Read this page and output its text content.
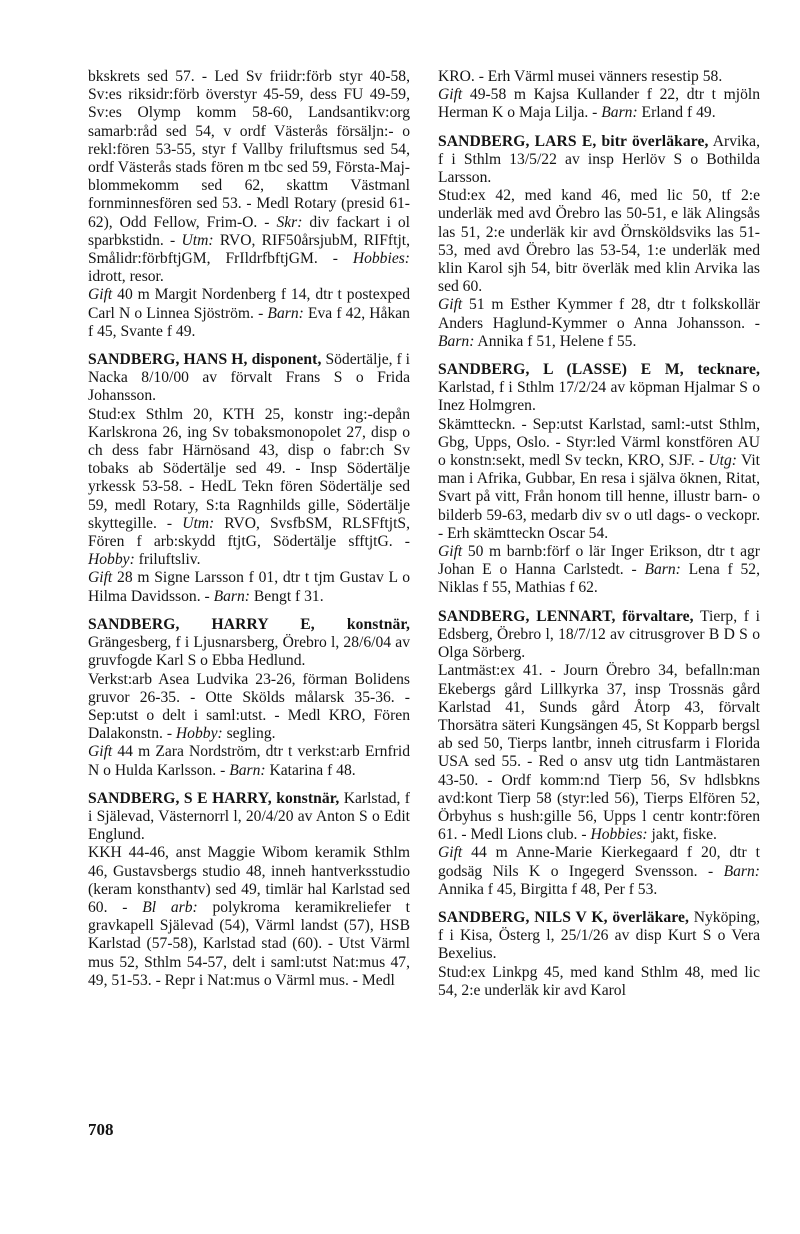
bkskrets sed 57. - Led Sv friidr:förb styr 40-58, Sv:es riksidr:förb överstyr 45-59, dess FU 49-59, Sv:es Olymp komm 58-60, Landsantikv:org samarb:råd sed 54, v ordf Västerås försäljn:- o rekl:fören 53-55, styr f Vallby friluftsmus sed 54, ordf Västerås stads fören m tbc sed 59, Första-Maj-blommekomm sed 62, skattm Västmanl fornminnesfören sed 53. - Medl Rotary (presid 61-62), Odd Fellow, Frim-O. - Skr: div fackart i ol sparbkstidn. - Utm: RVO, RIF50årsjubM, RIFftjt, Smålidr:förbftjGM, FrIldrfbftjGM. - Hobbies: idrott, resor.

Gift 40 m Margit Nordenberg f 14, dtr t postexped Carl N o Linnea Sjöström. - Barn: Eva f 42, Håkan f 45, Svante f 49.

SANDBERG, HANS H, disponent, Södertälje, f i Nacka 8/10/00 av förvalt Frans S o Frida Johansson.

Stud:ex Sthlm 20, KTH 25, konstr ing:-depån Karlskrona 26, ing Sv tobaksmonopolet 27, disp o ch dess fabr Härnösand 43, disp o fabr:ch Sv tobaks ab Södertälje sed 49. - Insp Södertälje yrkessk 53-58. - HedL Tekn fören Södertälje sed 59, medl Rotary, S:ta Ragnhilds gille, Södertälje skyttegille. - Utm: RVO, SvsfbSM, RLSFftjtS, Fören f arb:skydd ftjtG, Södertälje sfftjtG. - Hobby: friluftsliv.

Gift 28 m Signe Larsson f 01, dtr t tjm Gustav L o Hilma Davidsson. - Barn: Bengt f 31.

SANDBERG, HARRY E, konstnär, Grängesberg, f i Ljusnarsberg, Örebro l, 28/6/04 av gruvfogde Karl S o Ebba Hedlund.

Verkst:arb Asea Ludvika 23-26, förman Bolidens gruvor 26-35. - Otte Skölds målarsk 35-36. - Sep:utst o delt i saml:utst. - Medl KRO, Fören Dalakonstn. - Hobby: segling.

Gift 44 m Zara Nordström, dtr t verkst:arb Ernfrid N o Hulda Karlsson. - Barn: Katarina f 48.

SANDBERG, S E HARRY, konstnär, Karlstad, f i Själevad, Västernorrl l, 20/4/20 av Anton S o Edit Englund.

KKH 44-46, anst Maggie Wibom keramik Sthlm 46, Gustavsbergs studio 48, inneh hantverksstudio (keram konsthantv) sed 49, timlär hal Karlstad sed 60. - Bl arb: polykroma keramikreliefer t gravkapell Själevad (54), Värml landst (57), HSB Karlstad (57-58), Karlstad stad (60). - Utst Värml mus 52, Sthlm 54-57, delt i saml:utst Nat:mus 47, 49, 51-53. - Repr i Nat:mus o Värml mus. - Medl

KRO. - Erh Värml musei vänners resestip 58.

Gift 49-58 m Kajsa Kullander f 22, dtr t mjöln Herman K o Maja Lilja. - Barn: Erland f 49.

SANDBERG, LARS E, bitr överläkare, Arvika, f i Sthlm 13/5/22 av insp Herlöv S o Bothilda Larsson.

Stud:ex 42, med kand 46, med lic 50, tf 2:e underläk med avd Örebro las 50-51, e läk Alingsås las 51, 2:e underläk kir avd Örnsköldsviks las 51-53, med avd Örebro las 53-54, 1:e underläk med klin Karol sjh 54, bitr överläk med klin Arvika las sed 60.

Gift 51 m Esther Kymmer f 28, dtr t folkskollär Anders Haglund-Kymmer o Anna Johansson. - Barn: Annika f 51, Helene f 55.

SANDBERG, L (LASSE) E M, tecknare, Karlstad, f i Sthlm 17/2/24 av köpman Hjalmar S o Inez Holmgren.

Skämtteckn. - Sep:utst Karlstad, saml:-utst Sthlm, Gbg, Upps, Oslo. - Styr:led Värml konstfören AU o konstn:sekt, medl Sv teckn, KRO, SJF. - Utg: Vit man i Afrika, Gubbar, En resa i själva öknen, Ritat, Svart på vitt, Från honom till henne, illustr barn- o bilderb 59-63, medarb div sv o utl dags- o veckopr. - Erh skämtteckn Oscar 54.

Gift 50 m barnb:förf o lär Inger Erikson, dtr t agr Johan E o Hanna Carlstedt. - Barn: Lena f 52, Niklas f 55, Mathias f 62.

SANDBERG, LENNART, förvaltare, Tierp, f i Edsberg, Örebro l, 18/7/12 av citrusgrover B D S o Olga Sörberg.

Lantmäst:ex 41. - Journ Örebro 34, befalln:man Ekebergs gård Lillkyrka 37, insp Trossnäs gård Karlstad 41, Sunds gård Åtorp 43, förvalt Thorsätra säteri Kungsängen 45, St Kopparb bergsl ab sed 50, Tierps lantbr, inneh citrusfarm i Florida USA sed 55. - Red o ansv utg tidn Lantmästaren 43-50. - Ordf komm:nd Tierp 56, Sv hdlsbkns avd:kont Tierp 58 (styr:led 56), Tierps Elfören 52, Örbyhus s hush:gille 56, Upps l centr kontr:fören 61. - Medl Lions club. - Hobbies: jakt, fiske.

Gift 44 m Anne-Marie Kierkegaard f 20, dtr t godsäg Nils K o Ingegerd Svensson. - Barn: Annika f 45, Birgitta f 48, Per f 53.

SANDBERG, NILS V K, överläkare, Nyköping, f i Kisa, Österg l, 25/1/26 av disp Kurt S o Vera Bexelius.

Stud:ex Linkpg 45, med kand Sthlm 48, med lic 54, 2:e underläk kir avd Karol

708
